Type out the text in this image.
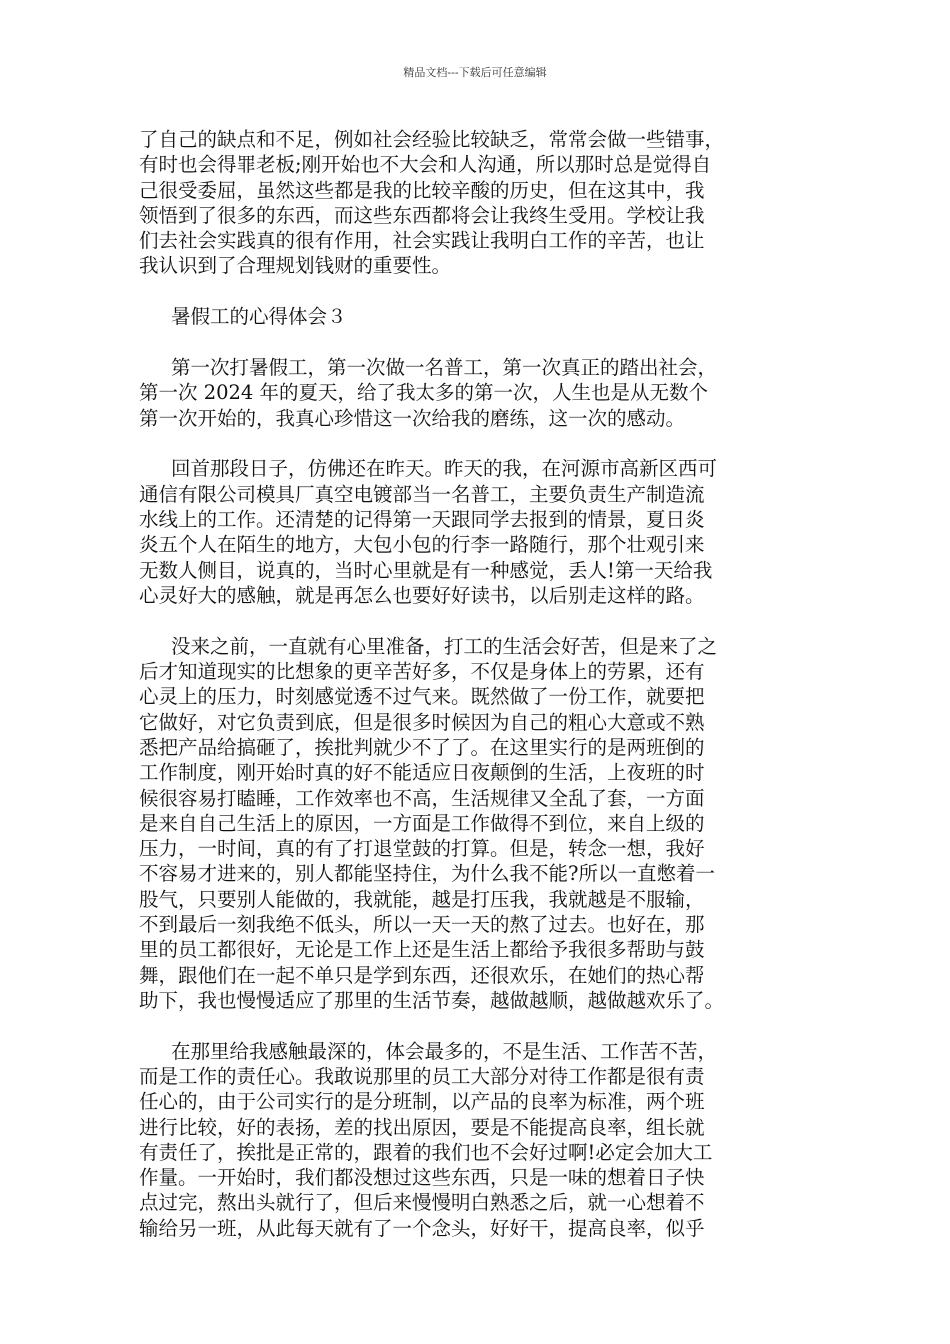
精品文档---下载后可任意编辑
了自己的缺点和不足，例如社会经验比较缺乏，常常会做一些错事，
有时也会得罪老板;刚开始也不大会和人沟通，所以那时总是觉得自
己很受委屈，虽然这些都是我的比较辛酸的历史，但在这其中，我
领悟到了很多的东西，而这些东西都将会让我终生受用。学校让我
们去社会实践真的很有作用，社会实践让我明白工作的辛苦，也让
我认识到了合理规划钱财的重要性。
暑假工的心得体会３
第一次打暑假工，第一次做一名普工，第一次真正的踏出社会，
第一次 2024 年的夏天，给了我太多的第一次，人生也是从无数个
第一次开始的，我真心珍惜这一次给我的磨练，这一次的感动。
回首那段日子，仿佛还在昨天。昨天的我，在河源市高新区西可
通信有限公司模具厂真空电镀部当一名普工，主要负责生产制造流
水线上的工作。还清楚的记得第一天跟同学去报到的情景，夏日炎
炎五个人在陌生的地方，大包小包的行李一路随行，那个壮观引来
无数人侧目，说真的，当时心里就是有一种感觉，丢人!第一天给我
心灵好大的感触，就是再怎么也要好好读书，以后别走这样的路。
没来之前，一直就有心里准备，打工的生活会好苦，但是来了之
后才知道现实的比想象的更辛苦好多，不仅是身体上的劳累，还有
心灵上的压力，时刻感觉透不过气来。既然做了一份工作，就要把
它做好，对它负责到底，但是很多时候因为自己的粗心大意或不熟
悉把产品给搞砸了，挨批判就少不了了。在这里实行的是两班倒的
工作制度，刚开始时真的好不能适应日夜颠倒的生活，上夜班的时
候很容易打瞌睡，工作效率也不高，生活规律又全乱了套，一方面
是来自自己生活上的原因，一方面是工作做得不到位，来自上级的
压力，一时间，真的有了打退堂鼓的打算。但是，转念一想，我好
不容易才进来的，别人都能坚持住，为什么我不能?所以一直憋着一
股气，只要别人能做的，我就能，越是打压我，我就越是不服输，
不到最后一刻我绝不低头，所以一天一天的熬了过去。也好在，那
里的员工都很好，无论是工作上还是生活上都给予我很多帮助与鼓
舞，跟他们在一起不单只是学到东西，还很欢乐，在她们的热心帮
助下，我也慢慢适应了那里的生活节奏，越做越顺，越做越欢乐了。
在那里给我感触最深的，体会最多的，不是生活、工作苦不苦，
而是工作的责任心。我敢说那里的员工大部分对待工作都是很有责
任心的，由于公司实行的是分班制，以产品的良率为标准，两个班
进行比较，好的表扬，差的找出原因，要是不能提高良率，组长就
有责任了，挨批是正常的，跟着的我们也不会好过啊!必定会加大工
作量。一开始时，我们都没想过这些东西，只是一味的想着日子快
点过完，熬出头就行了，但后来慢慢明白熟悉之后，就一心想着不
输给另一班，从此每天就有了一个念头，好好干，提高良率，似乎
